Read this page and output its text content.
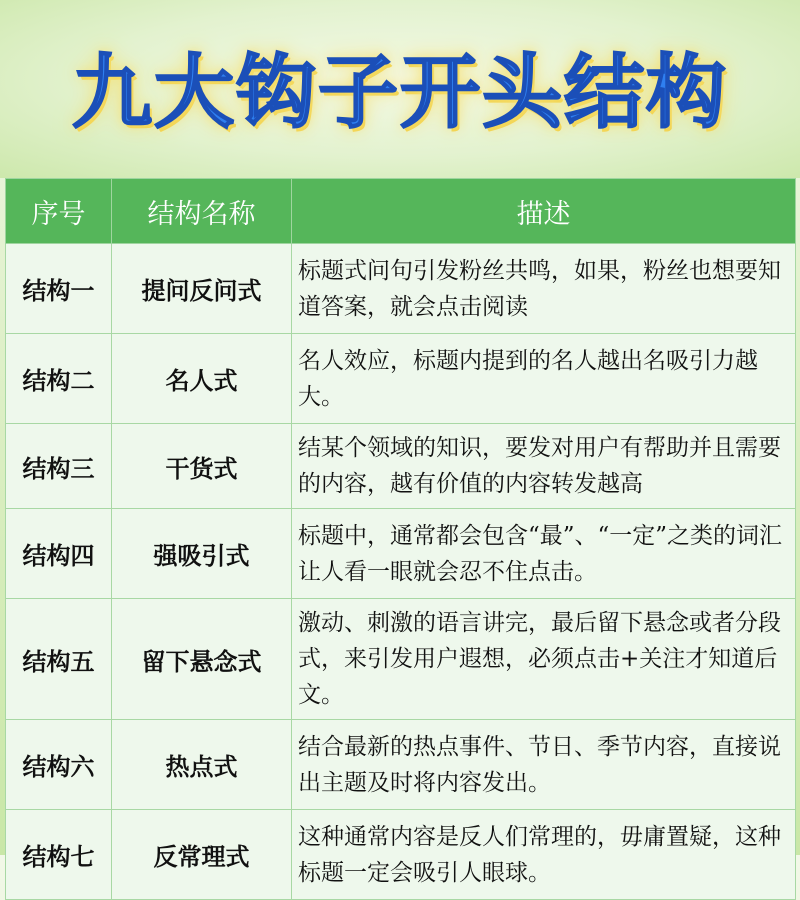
九大钩子开头结构
序号	结构名称	描述
结构一	提问反问式	标题式问句引发粉丝共鸣，如果，粉丝也想要知道答案，就会点击阅读
结构二	名人式	名人效应，标题内提到的名人越出名吸引力越大。
结构三	干货式	结某个领域的知识，要发对用户有帮助并且需要的内容，越有价值的内容转发越高
结构四	强吸引式	标题中，通常都会包含“最”、“一定”之类的词汇让人看一眼就会忍不住点击。
结构五	留下悬念式	激动、刺激的语言讲完，最后留下悬念或者分段式，来引发用户遐想，必须点击+关注才知道后文。
结构六	热点式	结合最新的热点事件、节日、季节内容，直接说出主题及时将内容发出。
结构七	反常理式	这种通常内容是反人们常理的，毋庸置疑，这种标题一定会吸引人眼球。
